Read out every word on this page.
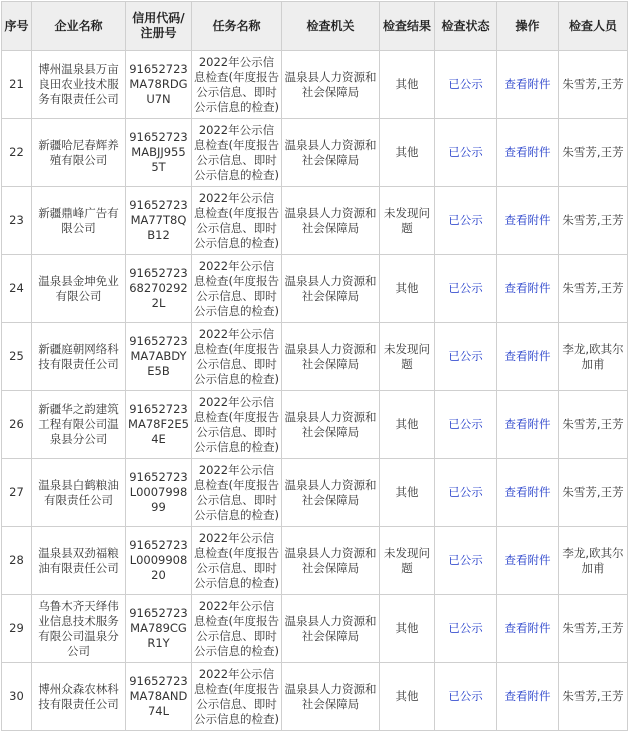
序号	企业名称	信用代码/注册号	任务名称	检查机关	检查结果	检查状态	操作	检查人员
21	博州温泉县万亩良田农业技术服务有限责任公司	91652723MA78RDGU7N	2022年公示信息检查(年度报告公示信息、即时公示信息的检查)	温泉县人力资源和社会保障局	其他	已公示	查看附件	朱雪芳,王芳
22	新疆哈尼春辉养殖有限公司	91652723MABJJ9555T	2022年公示信息检查(年度报告公示信息、即时公示信息的检查)	温泉县人力资源和社会保障局	其他	已公示	查看附件	朱雪芳,王芳
23	新疆鼎峰广告有限公司	91652723MA77T8QB12	2022年公示信息检查(年度报告公示信息、即时公示信息的检查)	温泉县人力资源和社会保障局	未发现问题	已公示	查看附件	朱雪芳,王芳
24	温泉县金坤免业有限公司	91652723682702922L	2022年公示信息检查(年度报告公示信息、即时公示信息的检查)	温泉县人力资源和社会保障局	其他	已公示	查看附件	朱雪芳,王芳
25	新疆庭朝网络科技有限责任公司	91652723MA7ABDYE5B	2022年公示信息检查(年度报告公示信息、即时公示信息的检查)	温泉县人力资源和社会保障局	未发现问题	已公示	查看附件	李龙,欧其尔加甫
26	新疆华之韵建筑工程有限公司温泉县分公司	91652723MA78F2E54E	2022年公示信息检查(年度报告公示信息、即时公示信息的检查)	温泉县人力资源和社会保障局	其他	已公示	查看附件	朱雪芳,王芳
27	温泉县白鹤粮油有限责任公司	91652723L000799899	2022年公示信息检查(年度报告公示信息、即时公示信息的检查)	温泉县人力资源和社会保障局	其他	已公示	查看附件	朱雪芳,王芳
28	温泉县双劲福粮油有限责任公司	91652723L000990820	2022年公示信息检查(年度报告公示信息、即时公示信息的检查)	温泉县人力资源和社会保障局	未发现问题	已公示	查看附件	李龙,欧其尔加甫
29	乌鲁木齐天绎伟业信息技术服务有限公司温泉分公司	91652723MA789CGR1Y	2022年公示信息检查(年度报告公示信息、即时公示信息的检查)	温泉县人力资源和社会保障局	其他	已公示	查看附件	朱雪芳,王芳
30	博州众森农林科技有限责任公司	91652723MA78AND74L	2022年公示信息检查(年度报告公示信息、即时公示信息的检查)	温泉县人力资源和社会保障局	其他	已公示	查看附件	朱雪芳,王芳
